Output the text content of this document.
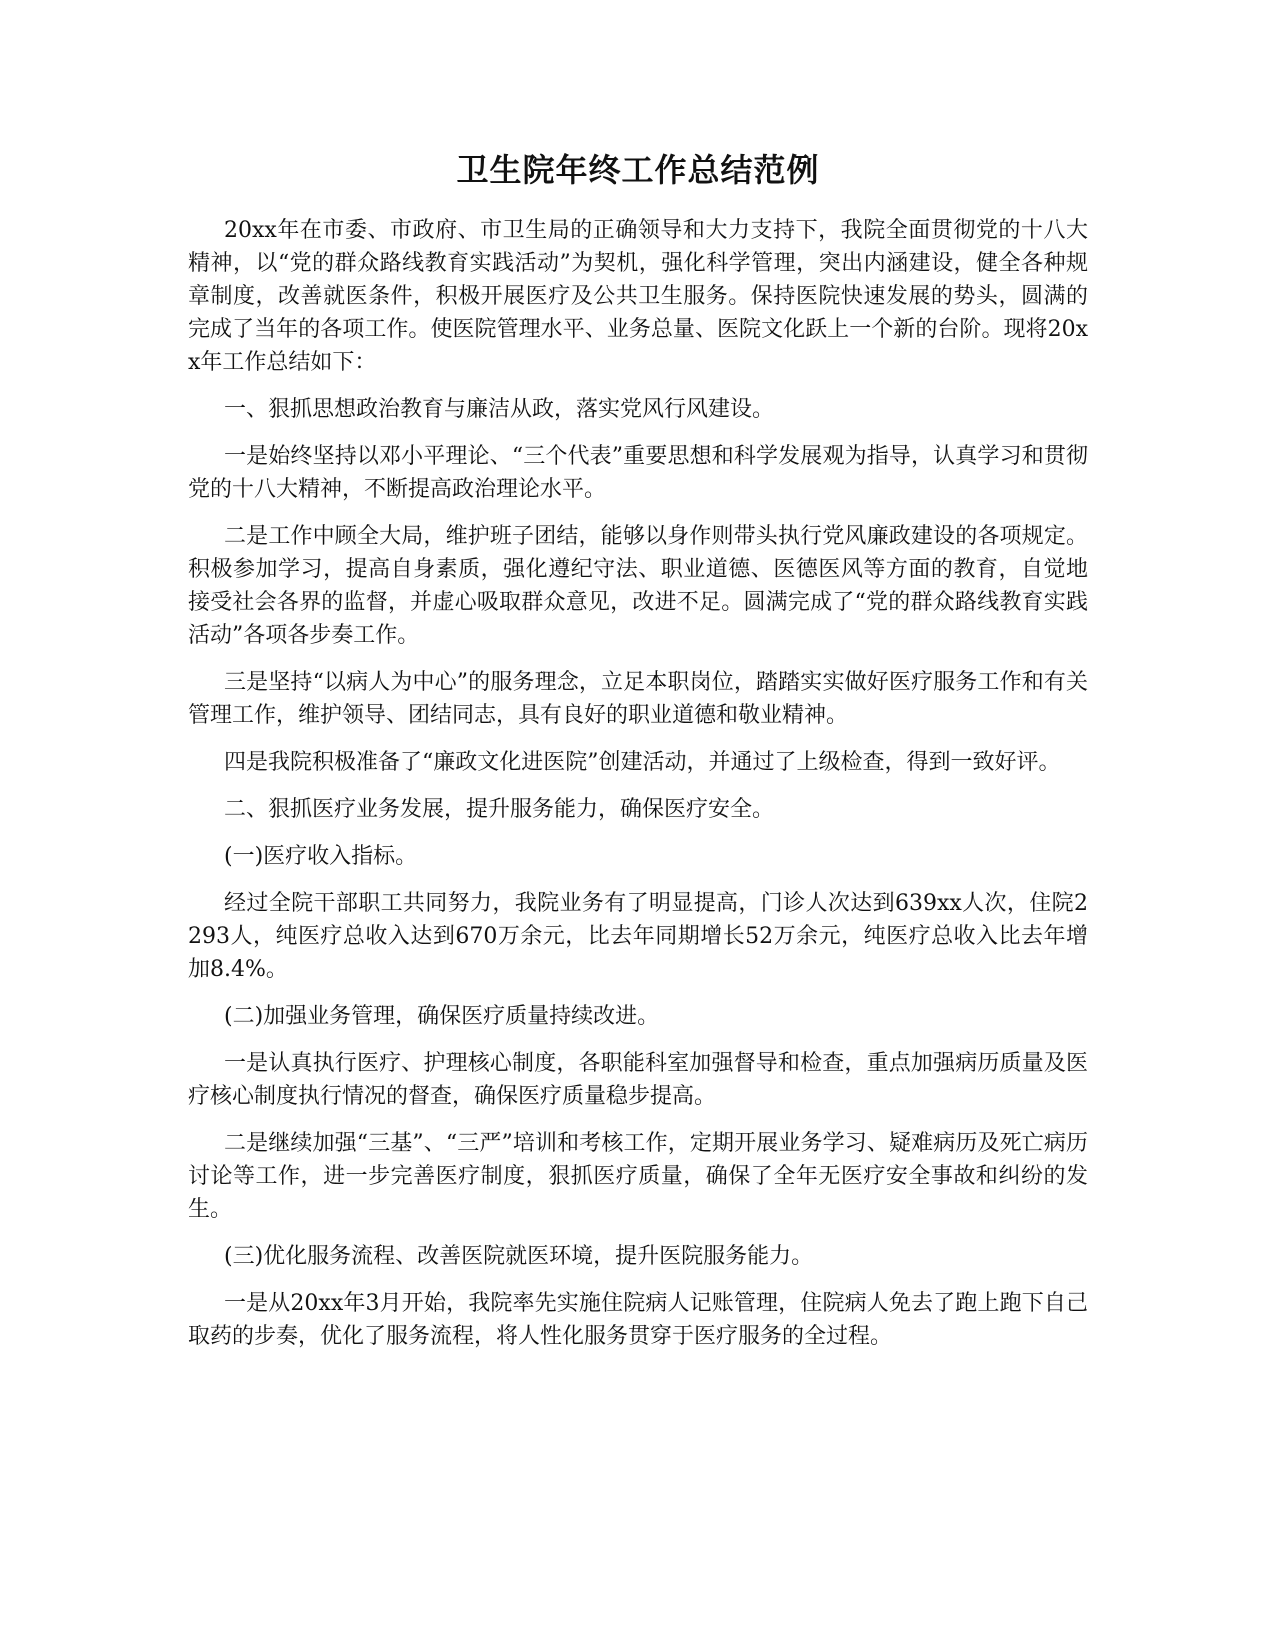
卫生院年终工作总结范例

20xx年在市委、市政府、市卫生局的正确领导和大力支持下，我院全面贯彻党的十八大精神，以“党的群众路线教育实践活动”为契机，强化科学管理，突出内涵建设，健全各种规章制度，改善就医条件，积极开展医疗及公共卫生服务。保持医院快速发展的势头，圆满的完成了当年的各项工作。使医院管理水平、业务总量、医院文化跃上一个新的台阶。现将20xx年工作总结如下：

一、狠抓思想政治教育与廉洁从政，落实党风行风建设。

一是始终坚持以邓小平理论、“三个代表”重要思想和科学发展观为指导，认真学习和贯彻党的十八大精神，不断提高政治理论水平。

二是工作中顾全大局，维护班子团结，能够以身作则带头执行党风廉政建设的各项规定。积极参加学习，提高自身素质，强化遵纪守法、职业道德、医德医风等方面的教育，自觉地接受社会各界的监督，并虚心吸取群众意见，改进不足。圆满完成了“党的群众路线教育实践活动”各项各步奏工作。

三是坚持“以病人为中心”的服务理念，立足本职岗位，踏踏实实做好医疗服务工作和有关管理工作，维护领导、团结同志，具有良好的职业道德和敬业精神。

四是我院积极准备了“廉政文化进医院”创建活动，并通过了上级检查，得到一致好评。

二、狠抓医疗业务发展，提升服务能力，确保医疗安全。

(一)医疗收入指标。

经过全院干部职工共同努力，我院业务有了明显提高，门诊人次达到639xx人次，住院2293人，纯医疗总收入达到670万余元，比去年同期增长52万余元，纯医疗总收入比去年增加8.4%。

(二)加强业务管理，确保医疗质量持续改进。

一是认真执行医疗、护理核心制度，各职能科室加强督导和检查，重点加强病历质量及医疗核心制度执行情况的督查，确保医疗质量稳步提高。

二是继续加强“三基”、“三严”培训和考核工作，定期开展业务学习、疑难病历及死亡病历讨论等工作，进一步完善医疗制度，狠抓医疗质量，确保了全年无医疗安全事故和纠纷的发生。

(三)优化服务流程、改善医院就医环境，提升医院服务能力。

一是从20xx年3月开始，我院率先实施住院病人记账管理，住院病人免去了跑上跑下自己取药的步奏，优化了服务流程，将人性化服务贯穿于医疗服务的全过程。
